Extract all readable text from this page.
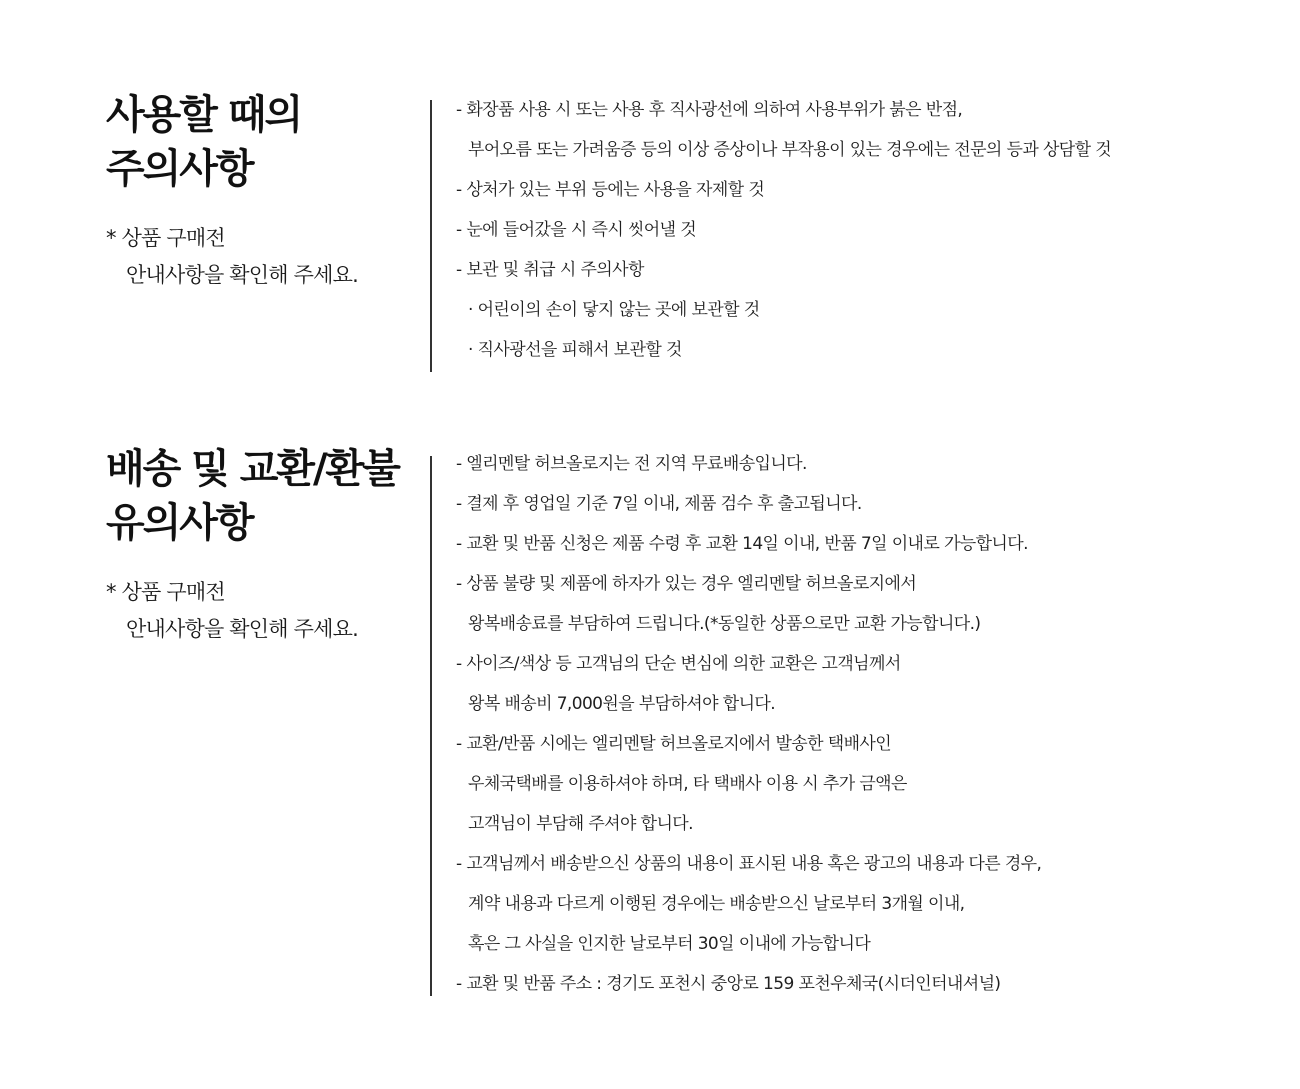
사용할 때의
주의사항
* 상품 구매전
안내사항을 확인해 주세요.
- 화장품 사용 시 또는 사용 후 직사광선에 의하여 사용부위가 붉은 반점,
부어오름 또는 가려움증 등의 이상 증상이나 부작용이 있는 경우에는 전문의 등과 상담할 것
- 상처가 있는 부위 등에는 사용을 자제할 것
- 눈에 들어갔을 시 즉시 씻어낼 것
- 보관 및 취급 시 주의사항
· 어린이의 손이 닿지 않는 곳에 보관할 것
· 직사광선을 피해서 보관할 것
배송 및 교환/환불
유의사항
* 상품 구매전
안내사항을 확인해 주세요.
- 엘리멘탈 허브올로지는 전 지역 무료배송입니다.
- 결제 후 영업일 기준 7일 이내, 제품 검수 후 출고됩니다.
- 교환 및 반품 신청은 제품 수령 후 교환 14일 이내, 반품 7일 이내로 가능합니다.
- 상품 불량 및 제품에 하자가 있는 경우 엘리멘탈 허브올로지에서
왕복배송료를 부담하여 드립니다.(*동일한 상품으로만 교환 가능합니다.)
- 사이즈/색상 등 고객님의 단순 변심에 의한 교환은 고객님께서
왕복 배송비 7,000원을 부담하셔야 합니다.
- 교환/반품 시에는 엘리멘탈 허브올로지에서 발송한 택배사인
우체국택배를 이용하셔야 하며, 타 택배사 이용 시 추가 금액은
고객님이 부담해 주셔야 합니다.
- 고객님께서 배송받으신 상품의 내용이 표시된 내용 혹은 광고의 내용과 다른 경우,
계약 내용과 다르게 이행된 경우에는 배송받으신 날로부터 3개월 이내,
혹은 그 사실을 인지한 날로부터 30일 이내에 가능합니다
- 교환 및 반품 주소 : 경기도 포천시 중앙로 159 포천우체국(시더인터내셔널)
